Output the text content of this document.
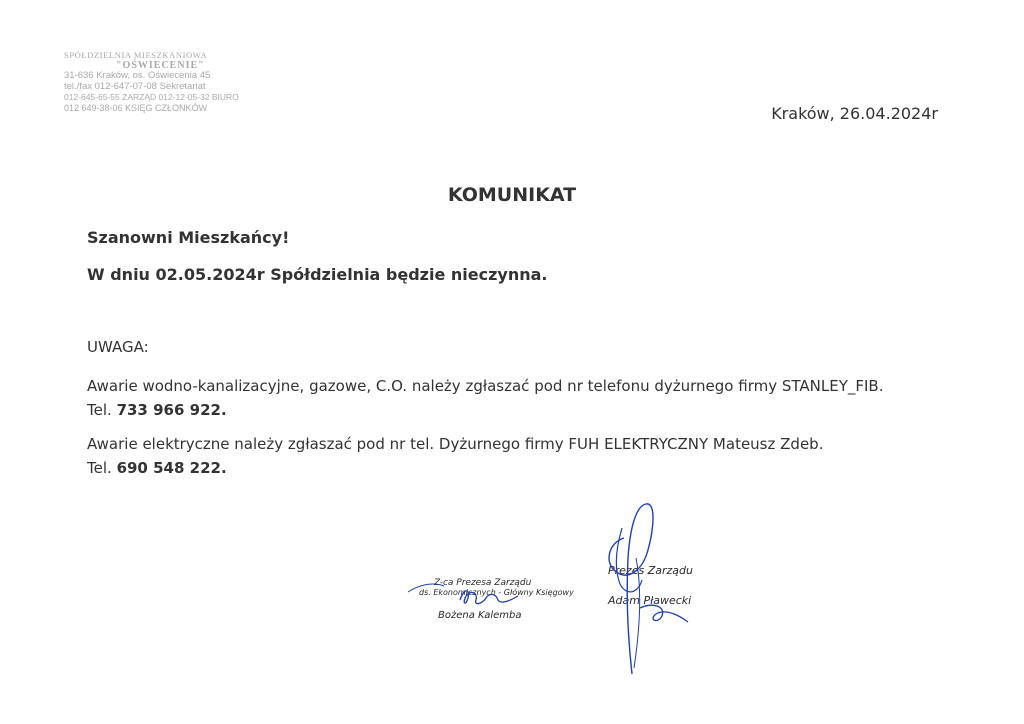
SPÓŁDZIELNIA MIESZKANIOWA
"OŚWIECENIE"
31-636 Kraków, os. Oświecenia 45
tel./fax 012-647-07-08 Sekretariat
012-645-65-55 ZARZĄD 012-12-05-32 BIURO
012 649-38-06 KSIĘG CZŁONKÓW	Kraków, 26.04.2024r
KOMUNIKAT
Szanowni Mieszkańcy!
W dniu 02.05.2024r Spółdzielnia będzie nieczynna.
UWAGA:
Awarie wodno-kanalizacyjne, gazowe, C.O. należy zgłaszać pod nr telefonu dyżurnego firmy STANLEY_FIB.
Tel. 733 966 922.
Awarie elektryczne należy zgłaszać pod nr tel. Dyżurnego firmy FUH ELEKTRYCZNY Mateusz Zdeb.
Tel. 690 548 222.
Z-ca Prezesa Zarządu
ds. Ekonomicznych - Główny Księgowy
Bożena Kalemba
Prezes Zarządu
Adam Pławecki
